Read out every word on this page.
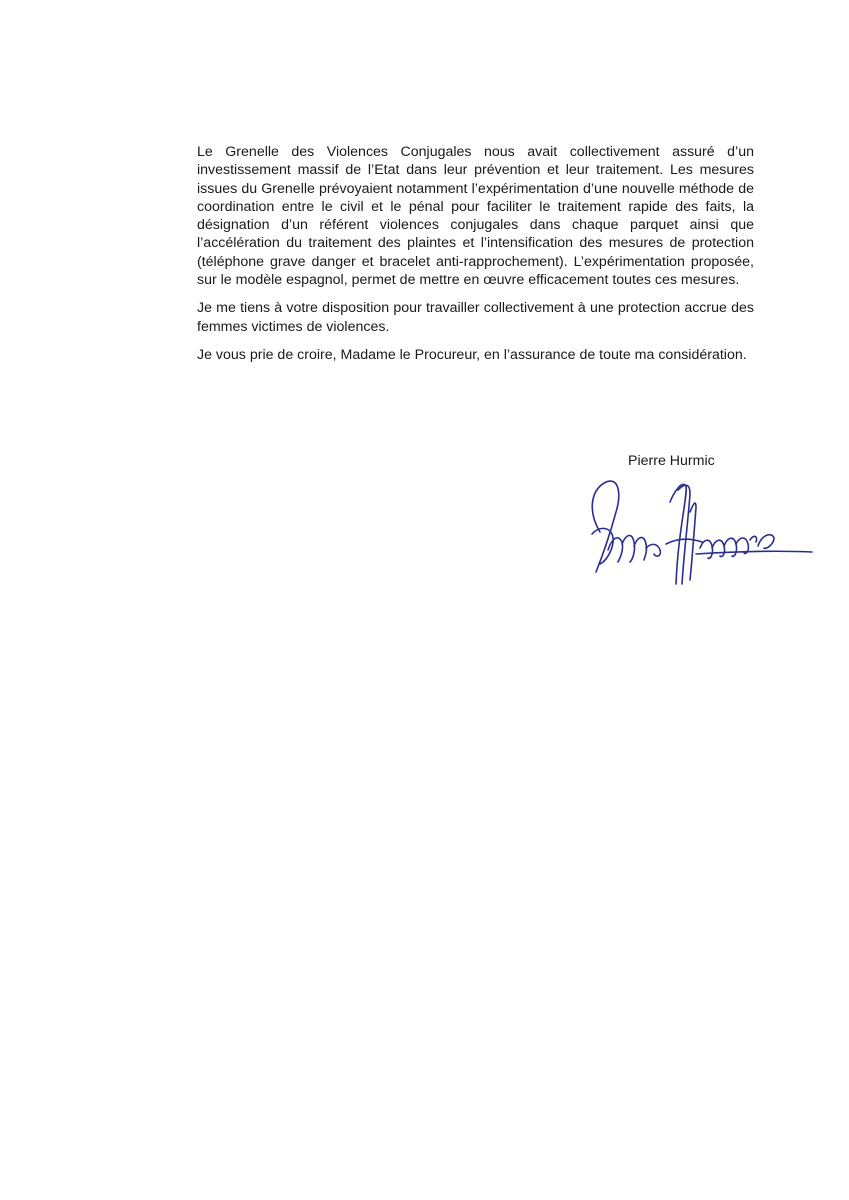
Le Grenelle des Violences Conjugales nous avait collectivement assuré d’un investissement massif de l’Etat dans leur prévention et leur traitement. Les mesures issues du Grenelle prévoyaient notamment l’expérimentation d’une nouvelle méthode de coordination entre le civil et le pénal pour faciliter le traitement rapide des faits, la désignation d’un référent violences conjugales dans chaque parquet ainsi que l’accélération du traitement des plaintes et l’intensification des mesures de protection (téléphone grave danger et bracelet anti-rapprochement). L’expérimentation proposée, sur le modèle espagnol, permet de mettre en œuvre efficacement toutes ces mesures.

Je me tiens à votre disposition pour travailler collectivement à une protection accrue des femmes victimes de violences.

Je vous prie de croire, Madame le Procureur, en l’assurance de toute ma considération.

Pierre Hurmic
